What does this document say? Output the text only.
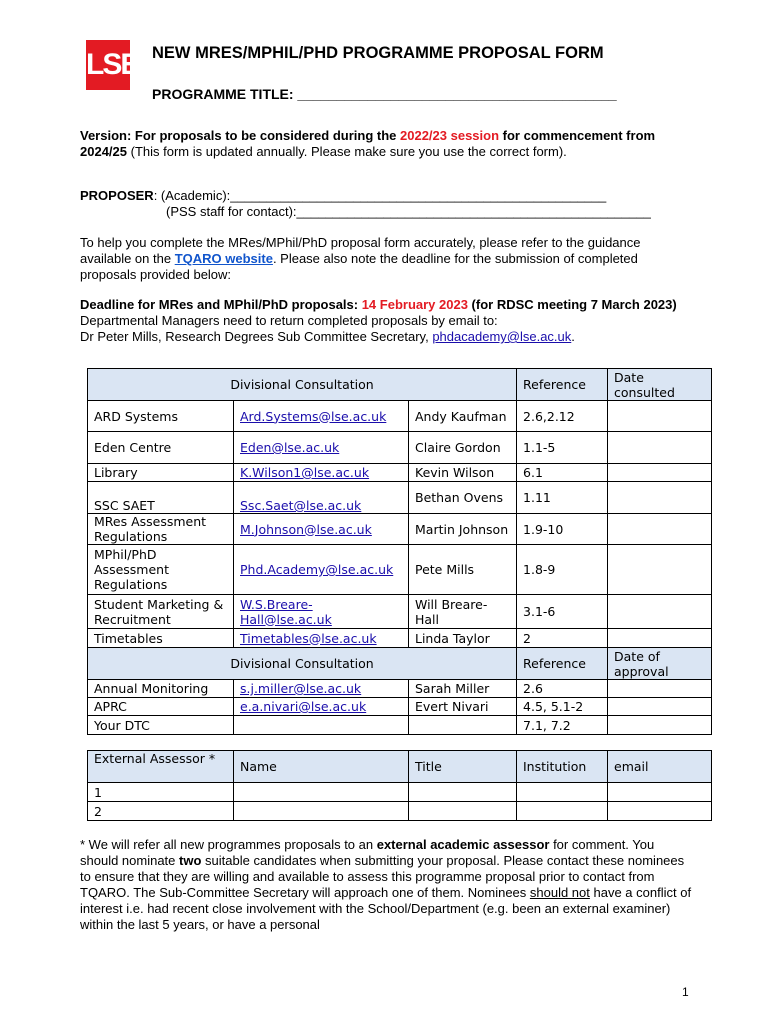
LSE NEW MRES/MPHIL/PHD PROGRAMME PROPOSAL FORM
PROGRAMME TITLE: _________________________________________
Version: For proposals to be considered during the 2022/23 session for commencement from 2024/25 (This form is updated annually. Please make sure you use the correct form).
PROPOSER: (Academic):____________________________________________________
(PSS staff for contact):_________________________________________________
To help you complete the MRes/MPhil/PhD proposal form accurately, please refer to the guidance available on the TQARO website. Please also note the deadline for the submission of completed proposals provided below:
Deadline for MRes and MPhil/PhD proposals: 14 February 2023 (for RDSC meeting 7 March 2023)
Departmental Managers need to return completed proposals by email to:
Dr Peter Mills, Research Degrees Sub Committee Secretary, phdacademy@lse.ac.uk.
Divisional Consultation			Reference	Date consulted
ARD Systems	Ard.Systems@lse.ac.uk	Andy Kaufman	2.6,2.12	
Eden Centre	Eden@lse.ac.uk	Claire Gordon	1.1-5	
Library	K.Wilson1@lse.ac.uk	Kevin Wilson	6.1	
SSC SAET	Ssc.Saet@lse.ac.uk	Bethan Ovens	1.11	
MRes Assessment Regulations	M.Johnson@lse.ac.uk	Martin Johnson	1.9-10	
MPhil/PhD Assessment Regulations	Phd.Academy@lse.ac.uk	Pete Mills	1.8-9	
Student Marketing & Recruitment	W.S.Breare-Hall@lse.ac.uk	Will Breare-Hall	3.1-6	
Timetables	Timetables@lse.ac.uk	Linda Taylor	2	
Divisional Consultation			Reference	Date of approval
Annual Monitoring	s.j.miller@lse.ac.uk	Sarah Miller	2.6	
APRC	e.a.nivari@lse.ac.uk	Evert Nivari	4.5, 5.1-2	
Your DTC			7.1, 7.2	
External Assessor *	Name	Title	Institution	email
1				
2				
* We will refer all new programmes proposals to an external academic assessor for comment. You should nominate two suitable candidates when submitting your proposal. Please contact these nominees to ensure that they are willing and available to assess this programme proposal prior to contact from TQARO. The Sub-Committee Secretary will approach one of them. Nominees should not have a conflict of interest i.e. had recent close involvement with the School/Department (e.g. been an external examiner) within the last 5 years, or have a personal
1
